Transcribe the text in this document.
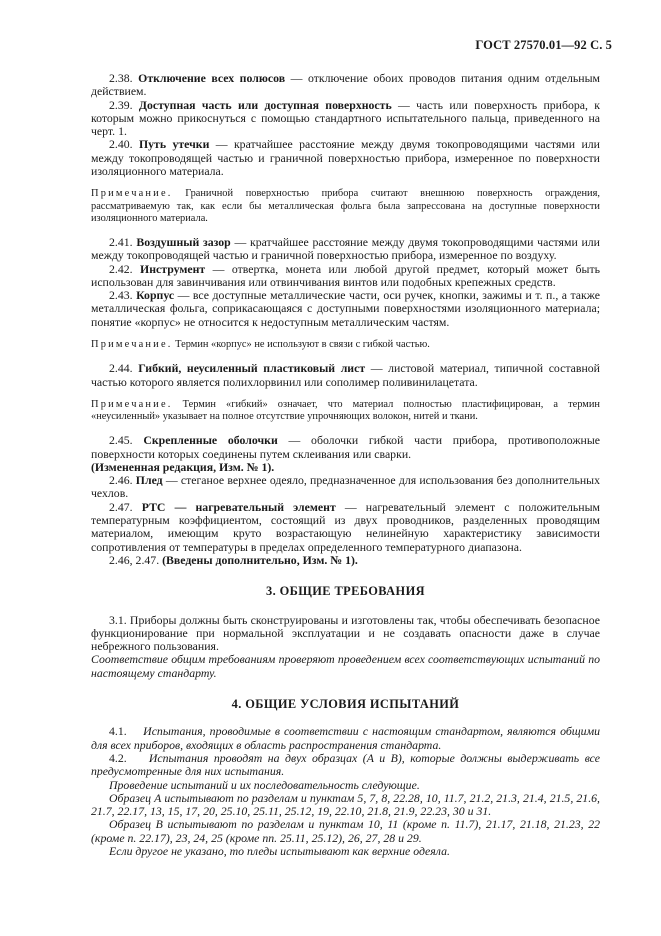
ГОСТ 27570.01—92 С. 5

2.38. Отключение всех полюсов — отключение обоих проводов питания одним отдельным действием.

2.39. Доступная часть или доступная поверхность — часть или поверхность прибора, к которым можно прикоснуться с помощью стандартного испытательного пальца, приведенного на черт. 1.

2.40. Путь утечки — кратчайшее расстояние между двумя токопроводящими частями или между токопроводящей частью и граничной поверхностью прибора, измеренное по поверхности изоляционного материала.

Примечание. Граничной поверхностью прибора считают внешнюю поверхность ограждения, рассматриваемую так, как если бы металлическая фольга была запрессована на доступные поверхности изоляционного материала.

2.41. Воздушный зазор — кратчайшее расстояние между двумя токопроводящими частями или между токопроводящей частью и граничной поверхностью прибора, измеренное по воздуху.

2.42. Инструмент — отвертка, монета или любой другой предмет, который может быть использован для завинчивания или отвинчивания винтов или подобных крепежных средств.

2.43. Корпус — все доступные металлические части, оси ручек, кнопки, зажимы и т. п., а также металлическая фольга, соприкасающаяся с доступными поверхностями изоляционного материала; понятие «корпус» не относится к недоступным металлическим частям.

Примечание. Термин «корпус» не используют в связи с гибкой частью.

2.44. Гибкий, неусиленный пластиковый лист — листовой материал, типичной составной частью которого является полихлорвинил или сополимер поливинилацетата.

Примечание. Термин «гибкий» означает, что материал полностью пластифицирован, а термин «неусиленный» указывает на полное отсутствие упрочняющих волокон, нитей и ткани.

2.45. Скрепленные оболочки — оболочки гибкой части прибора, противоположные поверхности которых соединены путем склеивания или сварки.

(Измененная редакция, Изм. № 1).

2.46. Плед — стеганое верхнее одеяло, предназначенное для использования без дополнительных чехлов.

2.47. РТС — нагревательный элемент — нагревательный элемент с положительным температурным коэффициентом, состоящий из двух проводников, разделенных проводящим материалом, имеющим круто возрастающую нелинейную характеристику зависимости сопротивления от температуры в пределах определенного температурного диапазона.

2.46, 2.47. (Введены дополнительно, Изм. № 1).

3. ОБЩИЕ ТРЕБОВАНИЯ

3.1. Приборы должны быть сконструированы и изготовлены так, чтобы обеспечивать безопасное функционирование при нормальной эксплуатации и не создавать опасности даже в случае небрежного пользования.

Соответствие общим требованиям проверяют проведением всех соответствующих испытаний по настоящему стандарту.

4. ОБЩИЕ УСЛОВИЯ ИСПЫТАНИЙ

4.1. Испытания, проводимые в соответствии с настоящим стандартом, являются общими для всех приборов, входящих в область распространения стандарта.

4.2. Испытания проводят на двух образцах (A и B), которые должны выдерживать все предусмотренные для них испытания.

Проведение испытаний и их последовательность следующие.

Образец А испытывают по разделам и пунктам 5, 7, 8, 22.28, 10, 11.7, 21.2, 21.3, 21.4, 21.5, 21.6, 21.7, 22.17, 13, 15, 17, 20, 25.10, 25.11, 25.12, 19, 22.10, 21.8, 21.9, 22.23, 30 и 31.

Образец В испытывают по разделам и пунктам 10, 11 (кроме п. 11.7), 21.17, 21.18, 21.23, 22 (кроме п. 22.17), 23, 24, 25 (кроме пп. 25.11, 25.12), 26, 27, 28 и 29.

Если другое не указано, то пледы испытывают как верхние одеяла.
